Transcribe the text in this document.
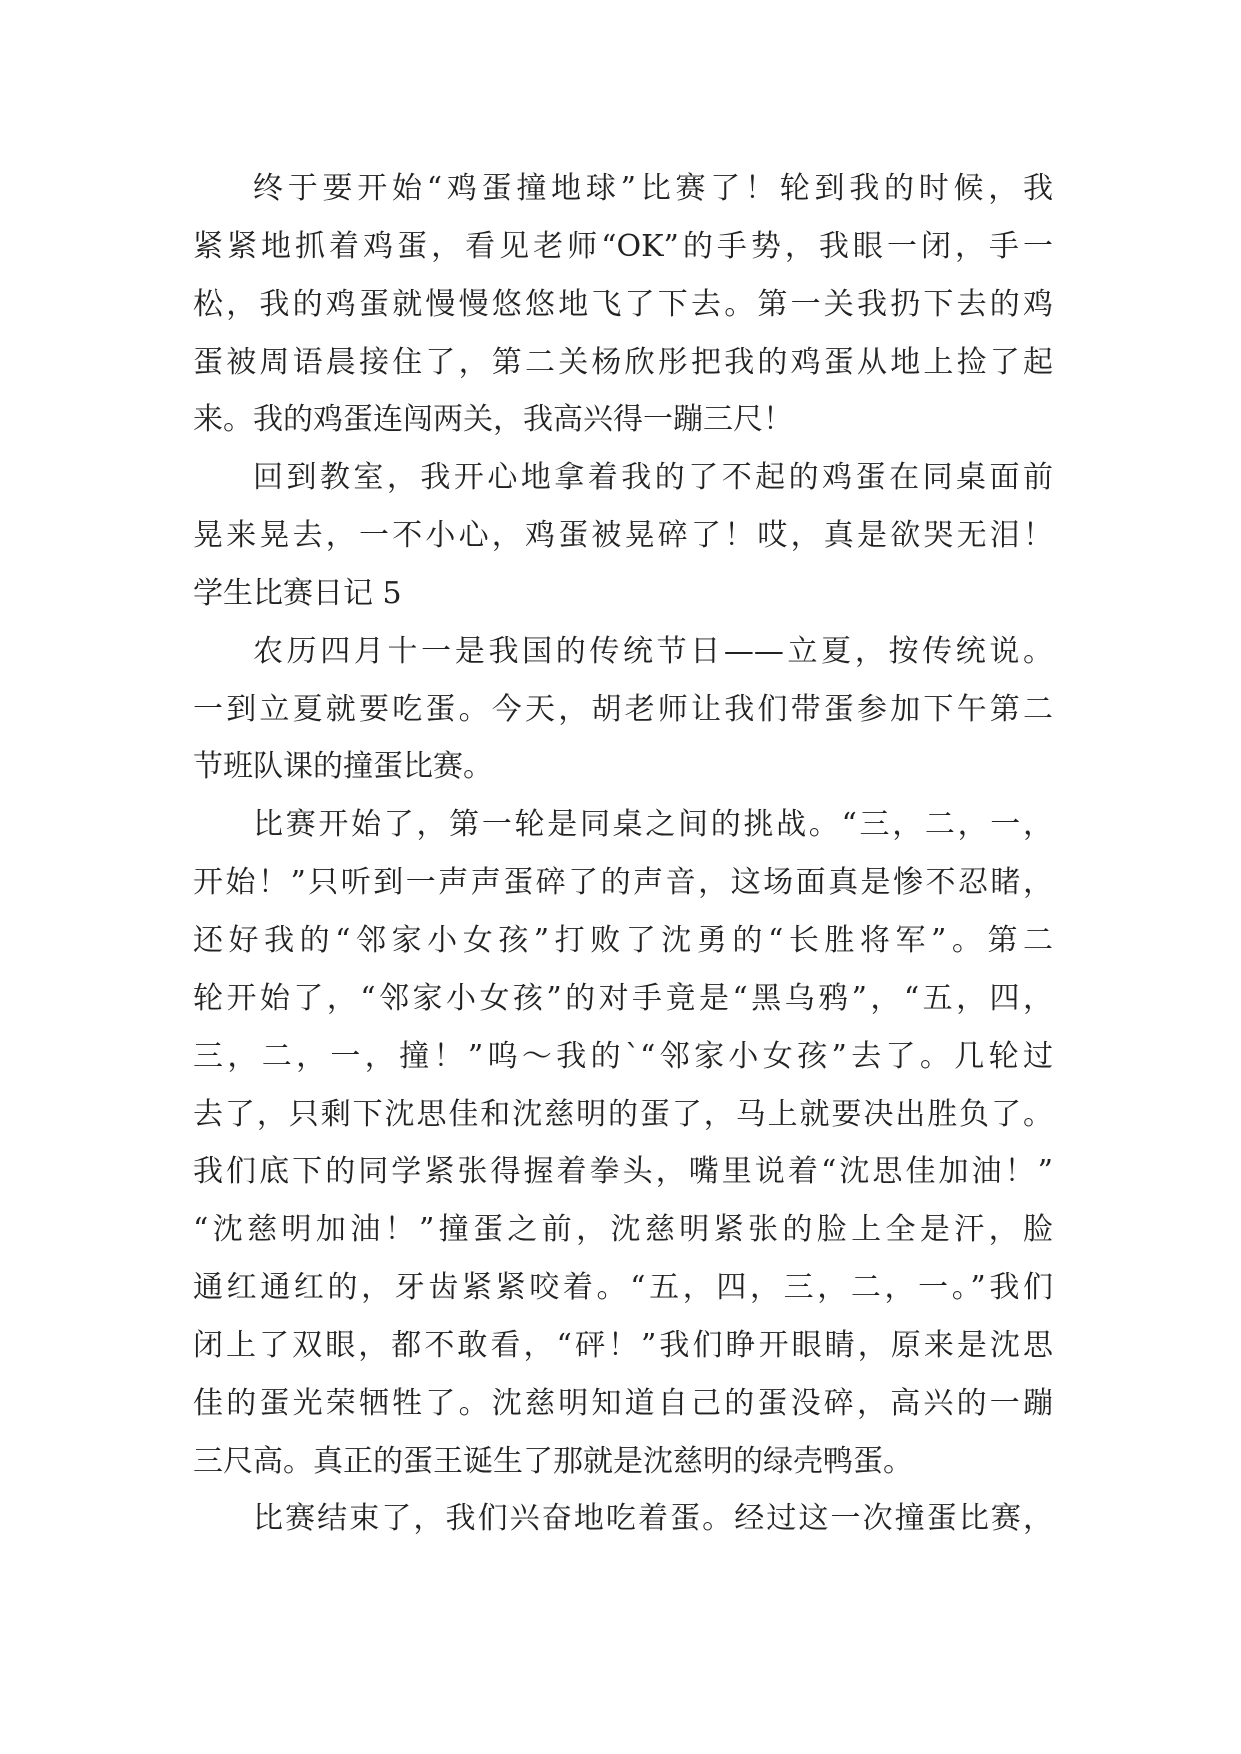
终于要开始“鸡蛋撞地球”比赛了！轮到我的时候，我
紧紧地抓着鸡蛋，看见老师“OK”的手势，我眼一闭，手一
松，我的鸡蛋就慢慢悠悠地飞了下去。第一关我扔下去的鸡
蛋被周语晨接住了，第二关杨欣彤把我的鸡蛋从地上捡了起
来。我的鸡蛋连闯两关，我高兴得一蹦三尺！
回到教室，我开心地拿着我的了不起的鸡蛋在同桌面前
晃来晃去，一不小心，鸡蛋被晃碎了！哎，真是欲哭无泪！
学生比赛日记 5
农历四月十一是我国的传统节日——立夏，按传统说。
一到立夏就要吃蛋。今天，胡老师让我们带蛋参加下午第二
节班队课的撞蛋比赛。
比赛开始了，第一轮是同桌之间的挑战。“三，二，一，
开始！”只听到一声声蛋碎了的声音，这场面真是惨不忍睹，
还好我的“邻家小女孩”打败了沈勇的“长胜将军”。第二
轮开始了，“邻家小女孩”的对手竟是“黑乌鸦”，“五，四，
三，二，一，撞！”呜～我的`“邻家小女孩”去了。几轮过
去了，只剩下沈思佳和沈慈明的蛋了，马上就要决出胜负了。
我们底下的同学紧张得握着拳头，嘴里说着“沈思佳加油！”
“沈慈明加油！”撞蛋之前，沈慈明紧张的脸上全是汗，脸
通红通红的，牙齿紧紧咬着。“五，四，三，二，一。”我们
闭上了双眼，都不敢看，“砰！”我们睁开眼睛，原来是沈思
佳的蛋光荣牺牲了。沈慈明知道自己的蛋没碎，高兴的一蹦
三尺高。真正的蛋王诞生了那就是沈慈明的绿壳鸭蛋。
比赛结束了，我们兴奋地吃着蛋。经过这一次撞蛋比赛，
